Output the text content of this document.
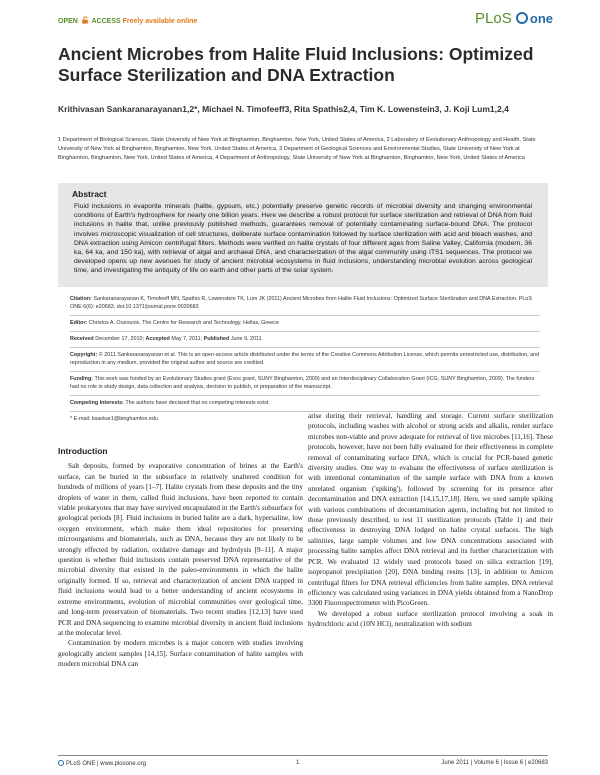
OPEN ACCESS Freely available online	PLoS one
Ancient Microbes from Halite Fluid Inclusions: Optimized Surface Sterilization and DNA Extraction
Krithivasan Sankaranarayanan1,2*, Michael N. Timofeeff3, Rita Spathis2,4, Tim K. Lowenstein3, J. Koji Lum1,2,4
1 Department of Biological Sciences, State University of New York at Binghamton, Binghamton, New York, United States of America, 2 Laboratory of Evolutionary Anthropology and Health, State University of New York at Binghamton, Binghamton, New York, United States of America, 3 Department of Geological Sciences and Environmental Studies, State University of New York at Binghamton, Binghamton, New York, United States of America, 4 Department of Anthropology, State University of New York at Binghamton, Binghamton, New York, United States of America
Abstract

Fluid inclusions in evaporite minerals (halite, gypsum, etc.) potentially preserve genetic records of microbial diversity and changing environmental conditions of Earth's hydrosphere for nearly one billion years. Here we describe a robust protocol for surface sterilization and retrieval of DNA from fluid inclusions in halite that, unlike previously published methods, guarantees removal of potentially contaminating surface-bound DNA. The protocol involves microscopic visualization of cell structures, deliberate surface contamination followed by surface sterilization with acid and bleach washes, and DNA extraction using Amicon centrifugal filters. Methods were verified on halite crystals of four different ages from Saline Valley, California (modern, 36 ka, 64 ka, and 150 ka), with retrieval of algal and archaeal DNA, and characterization of the algal community using ITS1 sequences. The protocol we developed opens up new avenues for study of ancient microbial ecosystems in fluid inclusions, understanding microbial evolution across geological time, and investigating the antiquity of life on earth and other parts of the solar system.

Citation: Sankaranarayanan K, Timofeeff MN, Spathis R, Lowenstein TK, Lum JK (2011) Ancient Microbes from Halite Fluid Inclusions: Optimized Surface Sterilization and DNA Extraction. PLoS ONE 6(6): e20683. doi:10.1371/journal.pone.0020683
Editor: Christos A. Ouzounis, The Centre for Research and Technology, Hellas, Greece
Received December 17, 2010; Accepted May 7, 2011; Published June 9, 2011
Copyright: © 2011 Sankaranarayanan et al. This is an open-access article distributed under the terms of the Creative Commons Attribution License, which permits unrestricted use, distribution, and reproduction in any medium, provided the original author and source are credited.
Funding: This work was funded by an Evolutionary Studies grant (Evos grant, SUNY Binghamton, 2009) and an Interdisciplinary Collaboration Grant (ICG, SUNY Binghamton, 2009). The funders had no role in study design, data collection and analysis, decision to publish, or preparation of the manuscript.
Competing Interests: The authors have declared that no competing interests exist.
* E-mail: ksankar1@binghamton.edu
Introduction

Salt deposits, formed by evaporative concentration of brines at the Earth's surface, can be buried in the subsurface in relatively unaltered condition for hundreds of millions of years [1–7]. Halite crystals from these deposits and the tiny droplets of water in them, called fluid inclusions, have been reported to contain viable prokaryotes that may have survived encapsulated in the Earth's subsurface for geological periods [8]. Fluid inclusions in buried halite are a dark, hypersaline, low oxygen environment, which make them ideal repositories for preserving microorganisms and biomaterials, such as DNA, because they are not likely to be strongly effected by radiation, oxidative damage and hydrolysis [9–11]. A major question is whether fluid inclusions contain preserved DNA representative of the microbial diversity that existed in the paleo-environments in which the halite originally formed. If so, retrieval and characterization of ancient DNA trapped in fluid inclusions would lead to a better understanding of ancient ecosystems in extreme environments, evolution of microbial communities over geological time, and long-term preservation of biomaterials. Two recent studies [12,13] have used PCR and DNA sequencing to examine microbial diversity in ancient fluid inclusions at the molecular level.

Contamination by modern microbes is a major concern with studies involving geologically ancient samples [14,15]. Surface contamination of halite samples with modern microbial DNA can

arise during their retrieval, handling and storage. Current surface sterilization protocols, including washes with alcohol or strong acids and alkalis, render surface microbes non-viable and prove adequate for retrieval of live microbes [11,16]. These protocols, however, have not been fully evaluated for their effectiveness in complete removal of contaminating surface DNA, which is crucial for PCR-based genetic diversity studies. One way to evaluate the effectiveness of surface sterilization is with intentional contamination of the sample surface with DNA from a known unrelated organism ('spiking'), followed by screening for its presence after decontamination and DNA extraction [14,15,17,18]. Here, we used sample spiking with various combinations of decontamination agents, including but not limited to those previously described, to test 11 sterilization protocols (Table 1) and their effectiveness in destroying DNA lodged on halite crystal surfaces. The high salinities, large sample volumes and low DNA concentrations associated with processing halite samples affect DNA retrieval and its further characterization with PCR. We evaluated 12 widely used protocols based on silica extraction [19], isopropanol precipitation [20], DNA binding resins [13], in addition to Amicon centrifugal filters for DNA retrieval efficiencies from halite samples. DNA retrieval efficiency was calculated using variances in DNA yields obtained from a NanoDrop 3300 Fluorospectrometer with PicoGreen.

We developed a robust surface sterilization protocol involving a soak in hydrochloric acid (10N HCl), neutralization with sodium

PLoS ONE | www.plosone.org	1	June 2011 | Volume 6 | Issue 6 | e20683
